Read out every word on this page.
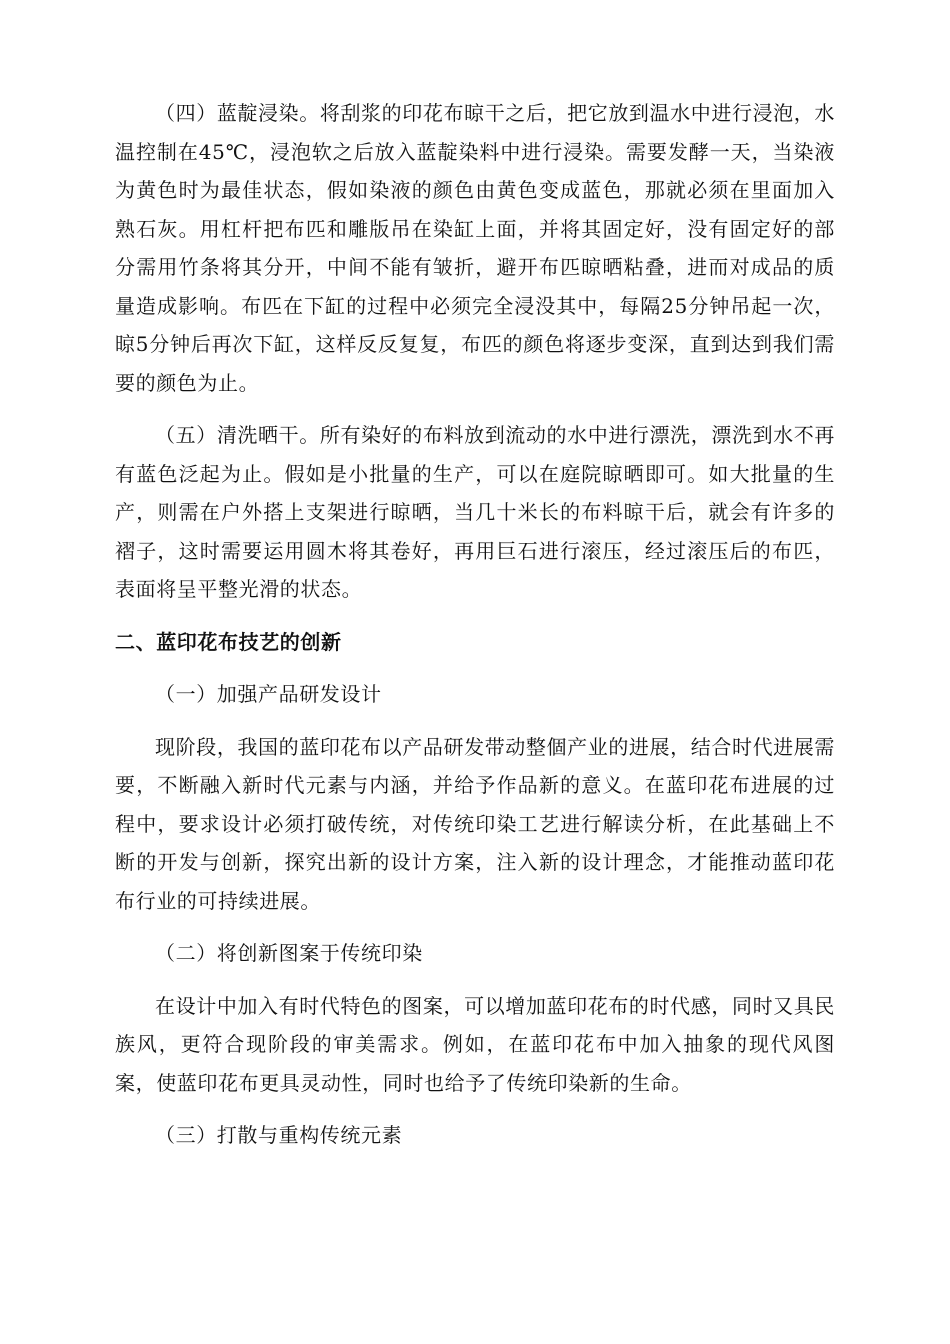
（四）蓝靛浸染。将刮浆的印花布晾干之后，把它放到温水中进行浸泡，水温控制在45℃，浸泡软之后放入蓝靛染料中进行浸染。需要发酵一天，当染液为黄色时为最佳状态，假如染液的颜色由黄色变成蓝色，那就必须在里面加入熟石灰。用杠杆把布匹和雕版吊在染缸上面，并将其固定好，没有固定好的部分需用竹条将其分开，中间不能有皱折，避开布匹晾晒粘叠，进而对成品的质量造成影响。布匹在下缸的过程中必须完全浸没其中，每隔25分钟吊起一次，晾5分钟后再次下缸，这样反反复复，布匹的颜色将逐步变深，直到达到我们需要的颜色为止。

（五）清洗晒干。所有染好的布料放到流动的水中进行漂洗，漂洗到水不再有蓝色泛起为止。假如是小批量的生产，可以在庭院晾晒即可。如大批量的生产，则需在户外搭上支架进行晾晒，当几十米长的布料晾干后，就会有许多的褶子，这时需要运用圆木将其卷好，再用巨石进行滚压，经过滚压后的布匹，表面将呈平整光滑的状态。

二、蓝印花布技艺的创新

（一）加强产品研发设计

现阶段，我国的蓝印花布以产品研发带动整個产业的进展，结合时代进展需要，不断融入新时代元素与内涵，并给予作品新的意义。在蓝印花布进展的过程中，要求设计必须打破传统，对传统印染工艺进行解读分析，在此基础上不断的开发与创新，探究出新的设计方案，注入新的设计理念，才能推动蓝印花布行业的可持续进展。

（二）将创新图案于传统印染

在设计中加入有时代特色的图案，可以增加蓝印花布的时代感，同时又具民族风，更符合现阶段的审美需求。例如，在蓝印花布中加入抽象的现代风图案，使蓝印花布更具灵动性，同时也给予了传统印染新的生命。

（三）打散与重构传统元素
